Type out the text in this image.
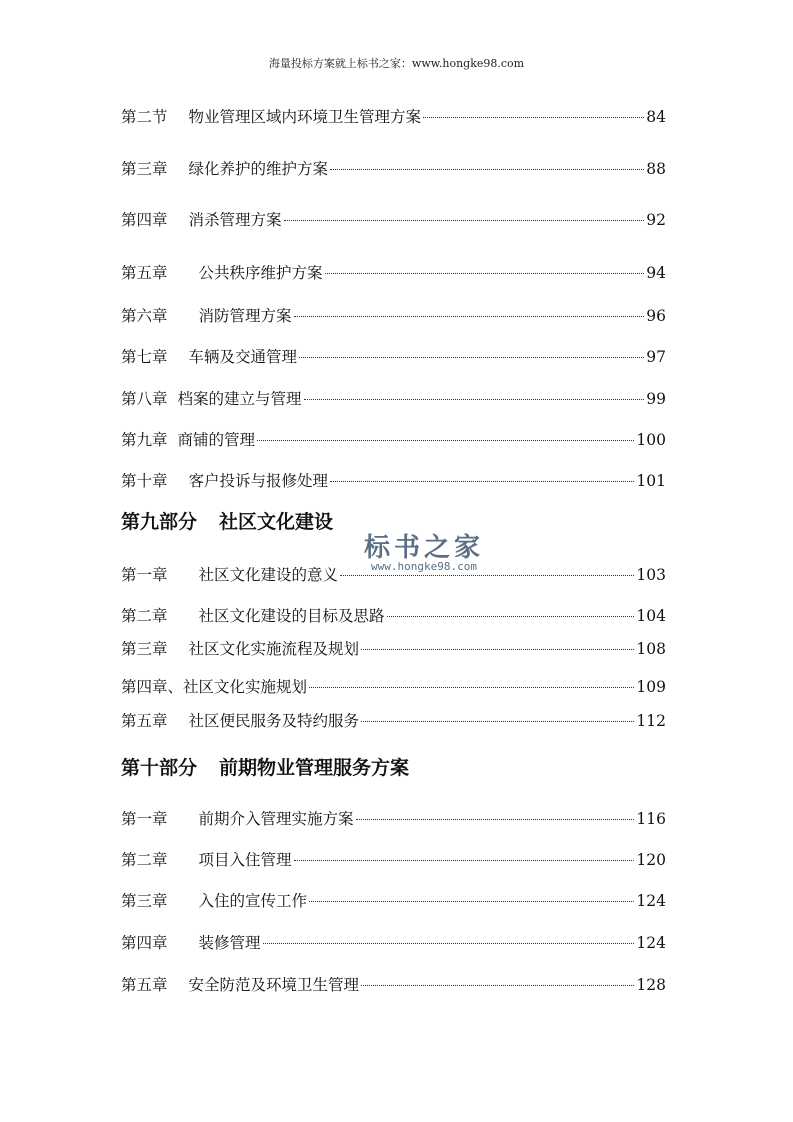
海量投标方案就上标书之家：www.hongke98.com
第二节 物业管理区域内环境卫生管理方案	84
第三章 绿化养护的维护方案	88
第四章 消杀管理方案	92
第五章 公共秩序维护方案	94
第六章 消防管理方案	96
第七章 车辆及交通管理	97
第八章 档案的建立与管理	99
第九章 商铺的管理	100
第十章 客户投诉与报修处理	101
第九部分 社区文化建设
第一章 社区文化建设的意义	103
第二章 社区文化建设的目标及思路	104
第三章 社区文化实施流程及规划	108
第四章、 社区文化实施规划	109
第五章 社区便民服务及特约服务	112
第十部分 前期物业管理服务方案
第一章 前期介入管理实施方案	116
第二章 项目入住管理	120
第三章 入住的宣传工作	124
第四章 装修管理	124
第五章 安全防范及环境卫生管理	128
标书之家
www.hongke98.com
